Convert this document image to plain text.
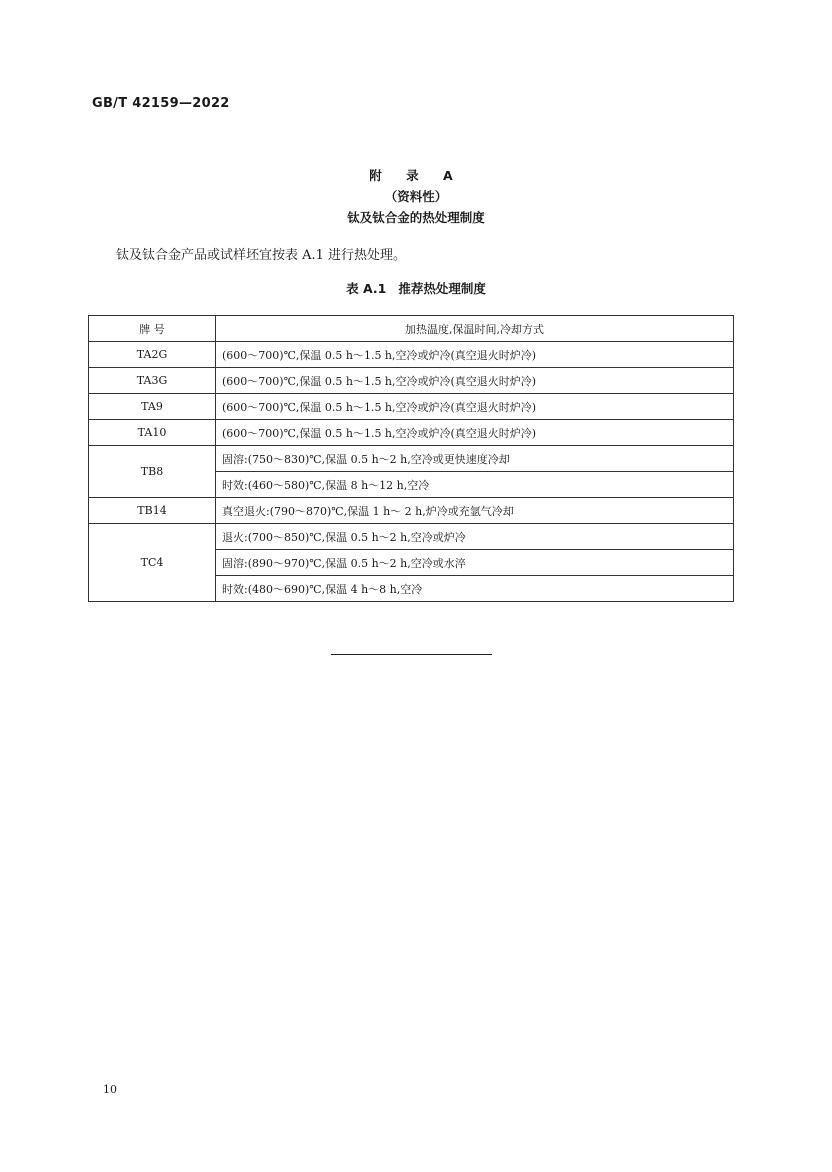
GB/T 42159—2022
附 录 A
（资料性）
钛及钛合金的热处理制度
钛及钛合金产品或试样坯宜按表 A.1 进行热处理。
表 A.1 推荐热处理制度
牌 号	加热温度,保温时间,冷却方式
TA2G	(600～700)℃,保温 0.5 h～1.5 h,空冷或炉冷(真空退火时炉冷)
TA3G	(600～700)℃,保温 0.5 h～1.5 h,空冷或炉冷(真空退火时炉冷)
TA9	(600～700)℃,保温 0.5 h～1.5 h,空冷或炉冷(真空退火时炉冷)
TA10	(600～700)℃,保温 0.5 h～1.5 h,空冷或炉冷(真空退火时炉冷)
TB8	固溶:(750～830)℃,保温 0.5 h～2 h,空冷或更快速度冷却
	时效:(460～580)℃,保温 8 h～12 h,空冷
TB14	真空退火:(790～870)℃,保温 1 h～ 2 h,炉冷或充氩气冷却
TC4	退火:(700～850)℃,保温 0.5 h～2 h,空冷或炉冷
	固溶:(890～970)℃,保温 0.5 h～2 h,空冷或水淬
	时效:(480～690)℃,保温 4 h～8 h,空冷
10
